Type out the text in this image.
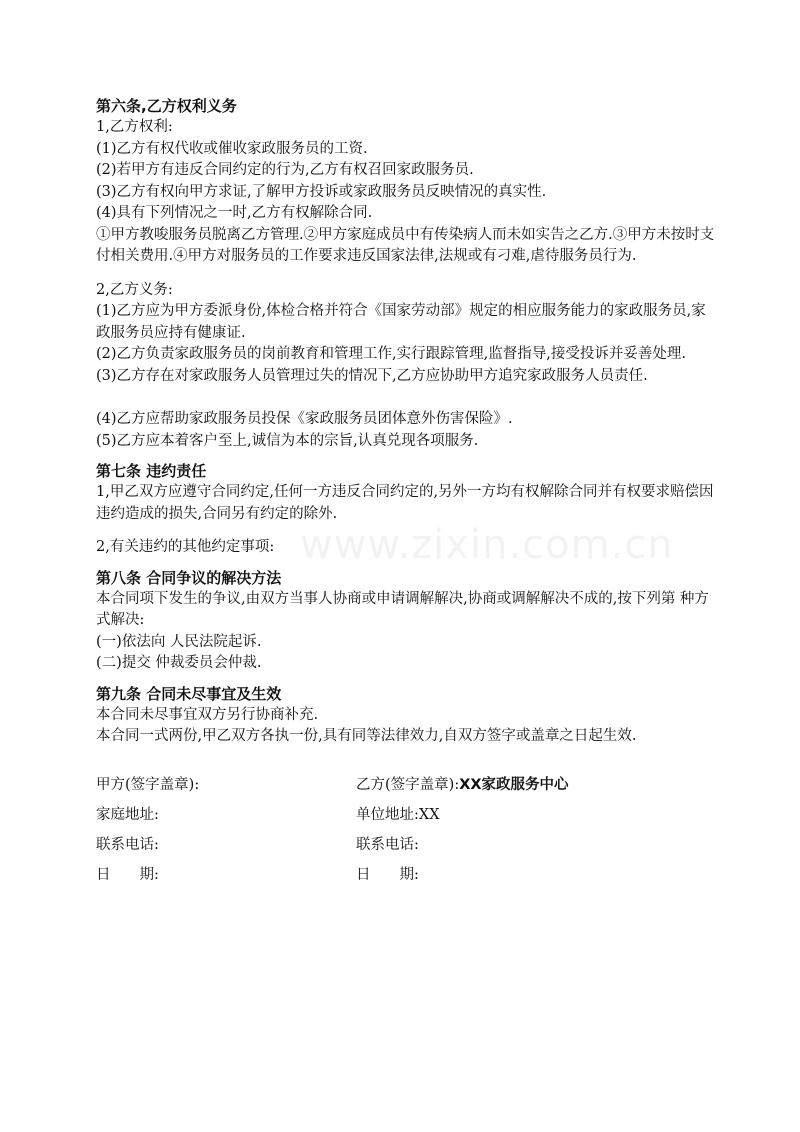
www.zixin.com.cn
第六条,乙方权利义务

1,乙方权利:

(1)乙方有权代收或催收家政服务员的工资.

(2)若甲方有违反合同约定的行为,乙方有权召回家政服务员.

(3)乙方有权向甲方求证,了解甲方投诉或家政服务员反映情况的真实性.

(4)具有下列情况之一时,乙方有权解除合同.

①甲方教唆服务员脱离乙方管理.②甲方家庭成员中有传染病人而未如实告之乙方.③甲方未按时支付相关费用.④甲方对服务员的工作要求违反国家法律,法规或有刁难,虐待服务员行为.

2,乙方义务:

(1)乙方应为甲方委派身份,体检合格并符合《国家劳动部》规定的相应服务能力的家政服务员,家政服务员应持有健康证.

(2)乙方负责家政服务员的岗前教育和管理工作,实行跟踪管理,监督指导,接受投诉并妥善处理.

(3)乙方存在对家政服务人员管理过失的情况下,乙方应协助甲方追究家政服务人员责任.

(4)乙方应帮助家政服务员投保《家政服务员团体意外伤害保险》.

(5)乙方应本着客户至上,诚信为本的宗旨,认真兑现各项服务.

第七条 违约责任

1,甲乙双方应遵守合同约定,任何一方违反合同约定的,另外一方均有权解除合同并有权要求赔偿因违约造成的损失,合同另有约定的除外.

2,有关违约的其他约定事项:

第八条 合同争议的解决方法

本合同项下发生的争议,由双方当事人协商或申请调解解决,协商或调解解决不成的,按下列第 种方式解决:

(一)依法向 人民法院起诉.

(二)提交 仲裁委员会仲裁.

第九条 合同未尽事宜及生效

本合同未尽事宜双方另行协商补充.

本合同一式两份,甲乙双方各执一份,具有同等法律效力,自双方签字或盖章之日起生效.

甲方(签字盖章):	乙方(签字盖章):XX家政服务中心
家庭地址:	单位地址:XX
联系电话:	联系电话:
日　　期:	日　　期:
